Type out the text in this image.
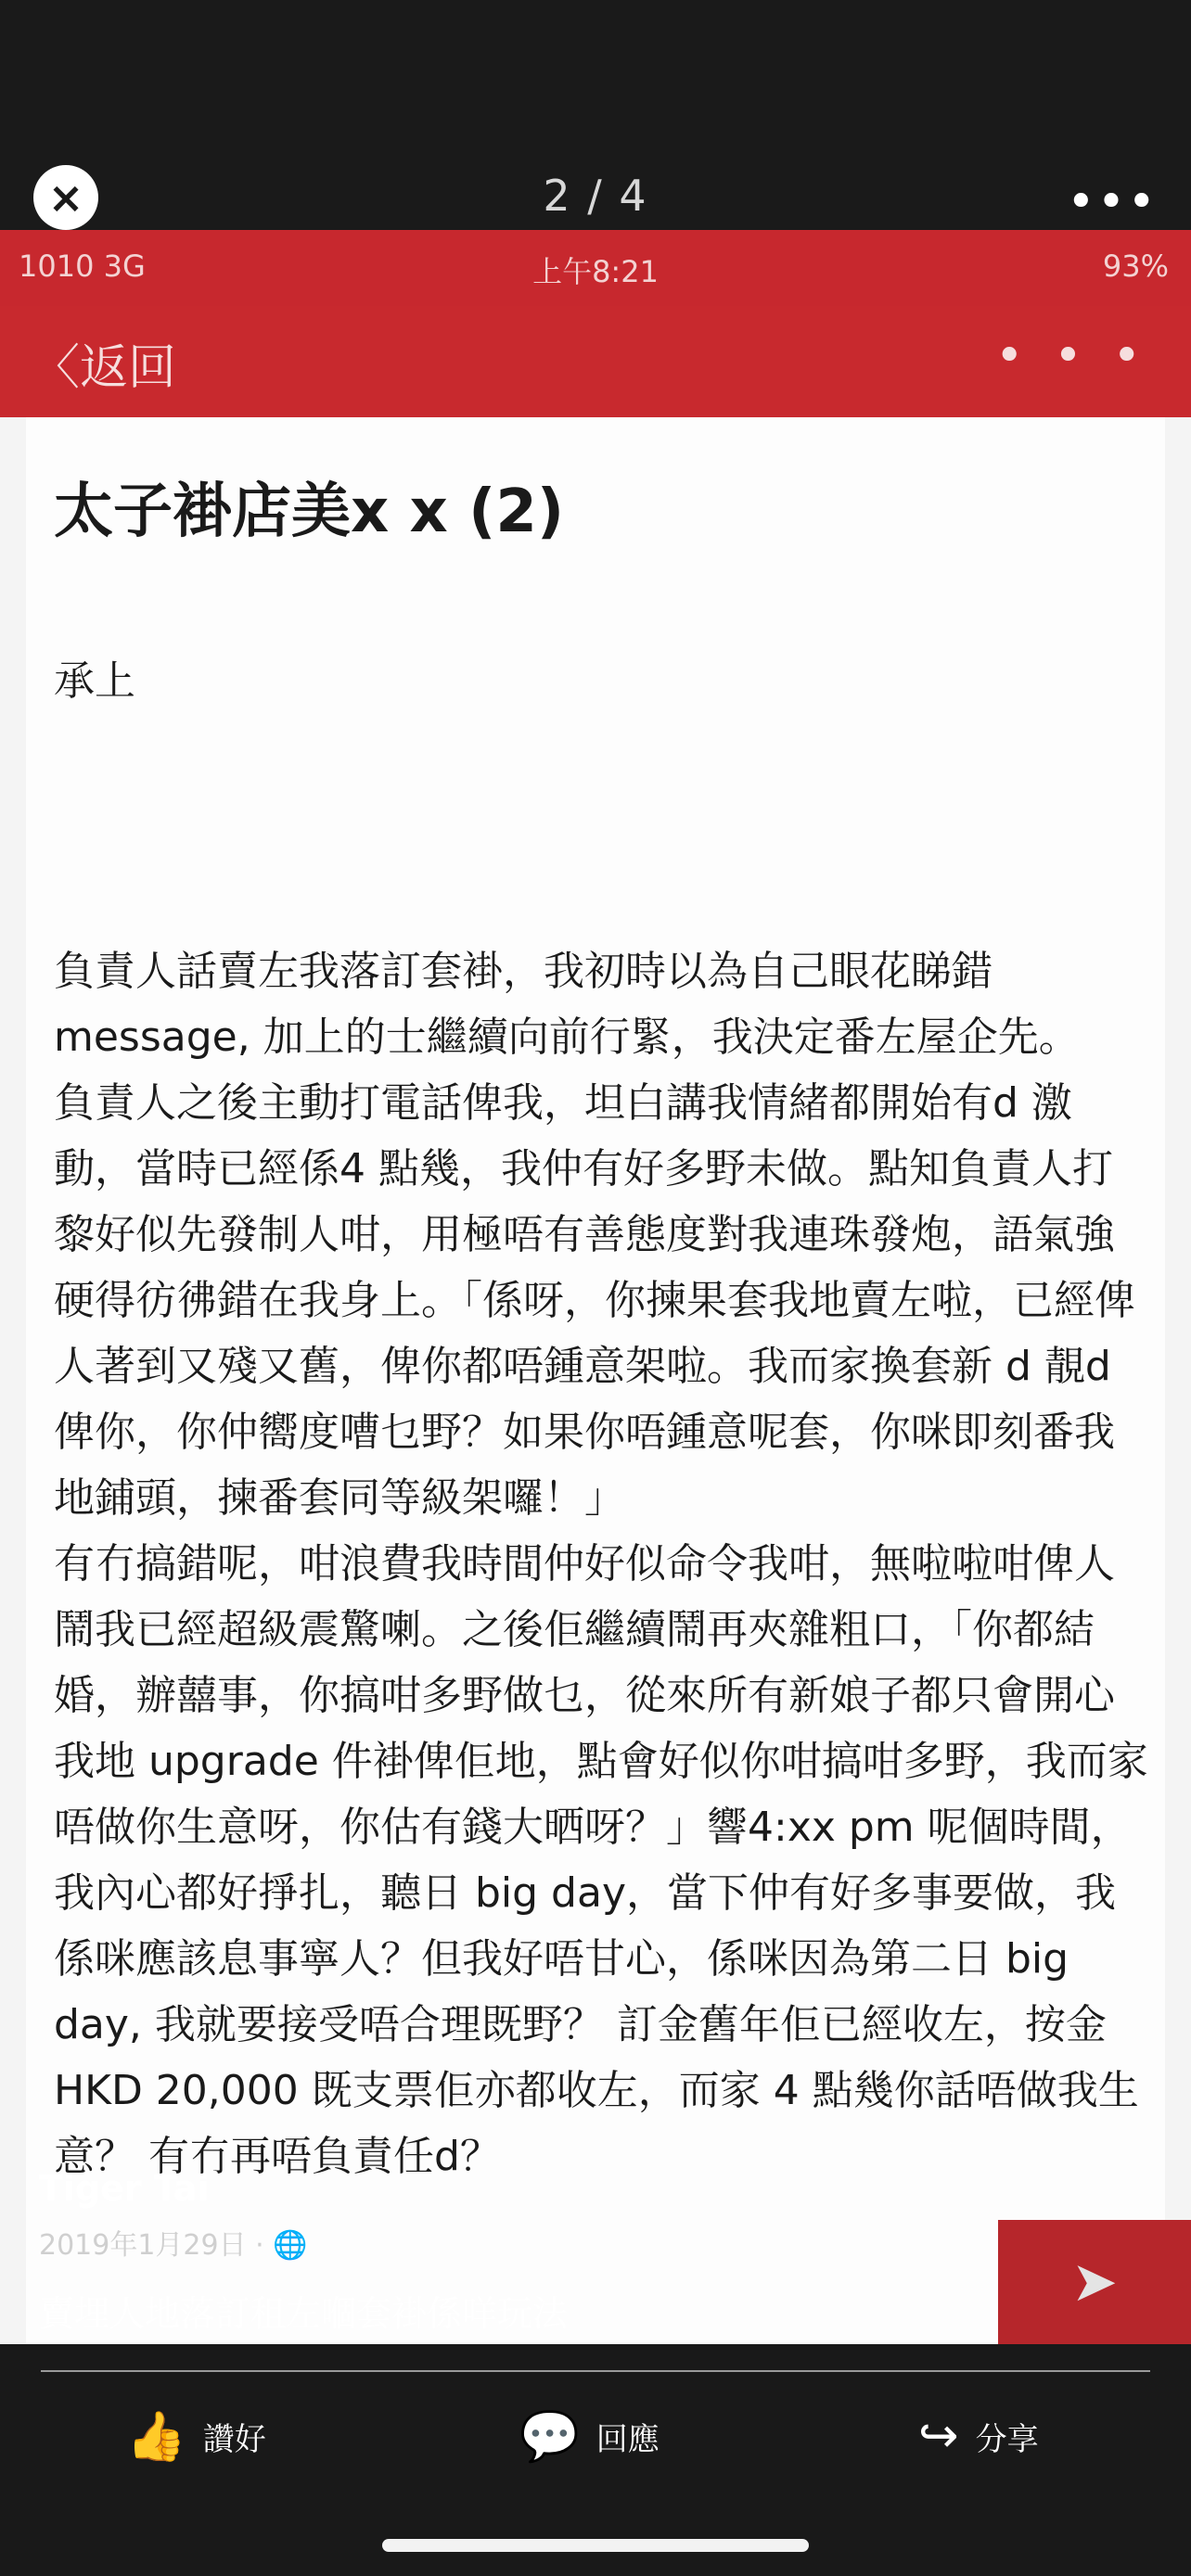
×	2 / 4	•••
1010 3G	上午8:21	93%
〈返回	• • •
太子褂店美x x (2)
承上

負責人話賣左我落訂套褂，我初時以為自己眼花睇錯message, 加上的士繼續向前行緊，我決定番左屋企先。

負責人之後主動打電話俾我，坦白講我情緒都開始有d 激動，當時已經係4 點幾，我仲有好多野未做。點知負責人打黎好似先發制人咁，用極唔有善態度對我連珠發炮，語氣強硬得彷彿錯在我身上。「係呀，你揀果套我地賣左啦，已經俾人著到又殘又舊，俾你都唔鍾意架啦。我而家換套新 d 靚d 俾你，你仲嚮度嘈乜野？如果你唔鍾意呢套，你咪即刻番我地鋪頭，揀番套同等級架囉！」

有冇搞錯呢，咁浪費我時間仲好似命令我咁，無啦啦咁俾人鬧我已經超級震驚喇。之後佢繼續鬧再夾雜粗口，「你都結婚，辦囍事，你搞咁多野做乜，從來所有新娘子都只會開心我地 upgrade 件褂俾佢地，點會好似你咁搞咁多野，我而家唔做你生意呀，你估有錢大晒呀？」響4:xx pm 呢個時間，我內心都好掙扎，聽日 big day，當下仲有好多事要做，我係咪應該息事寧人？但我好唔甘心，係咪因為第二日 big day, 我就要接受唔合理既野？ 訂金舊年佢已經收左，按金HKD 20,000 既支票佢亦都收左，而家 4 點幾你話唔做我生意？ 有冇再唔負責任d？

Tiger Tai
2019年1月29日 · 🌐
賣埋人地落訂租左嗰套褂係咩玩法	➤
👍 讚好	💬 回應	↪ 分享
